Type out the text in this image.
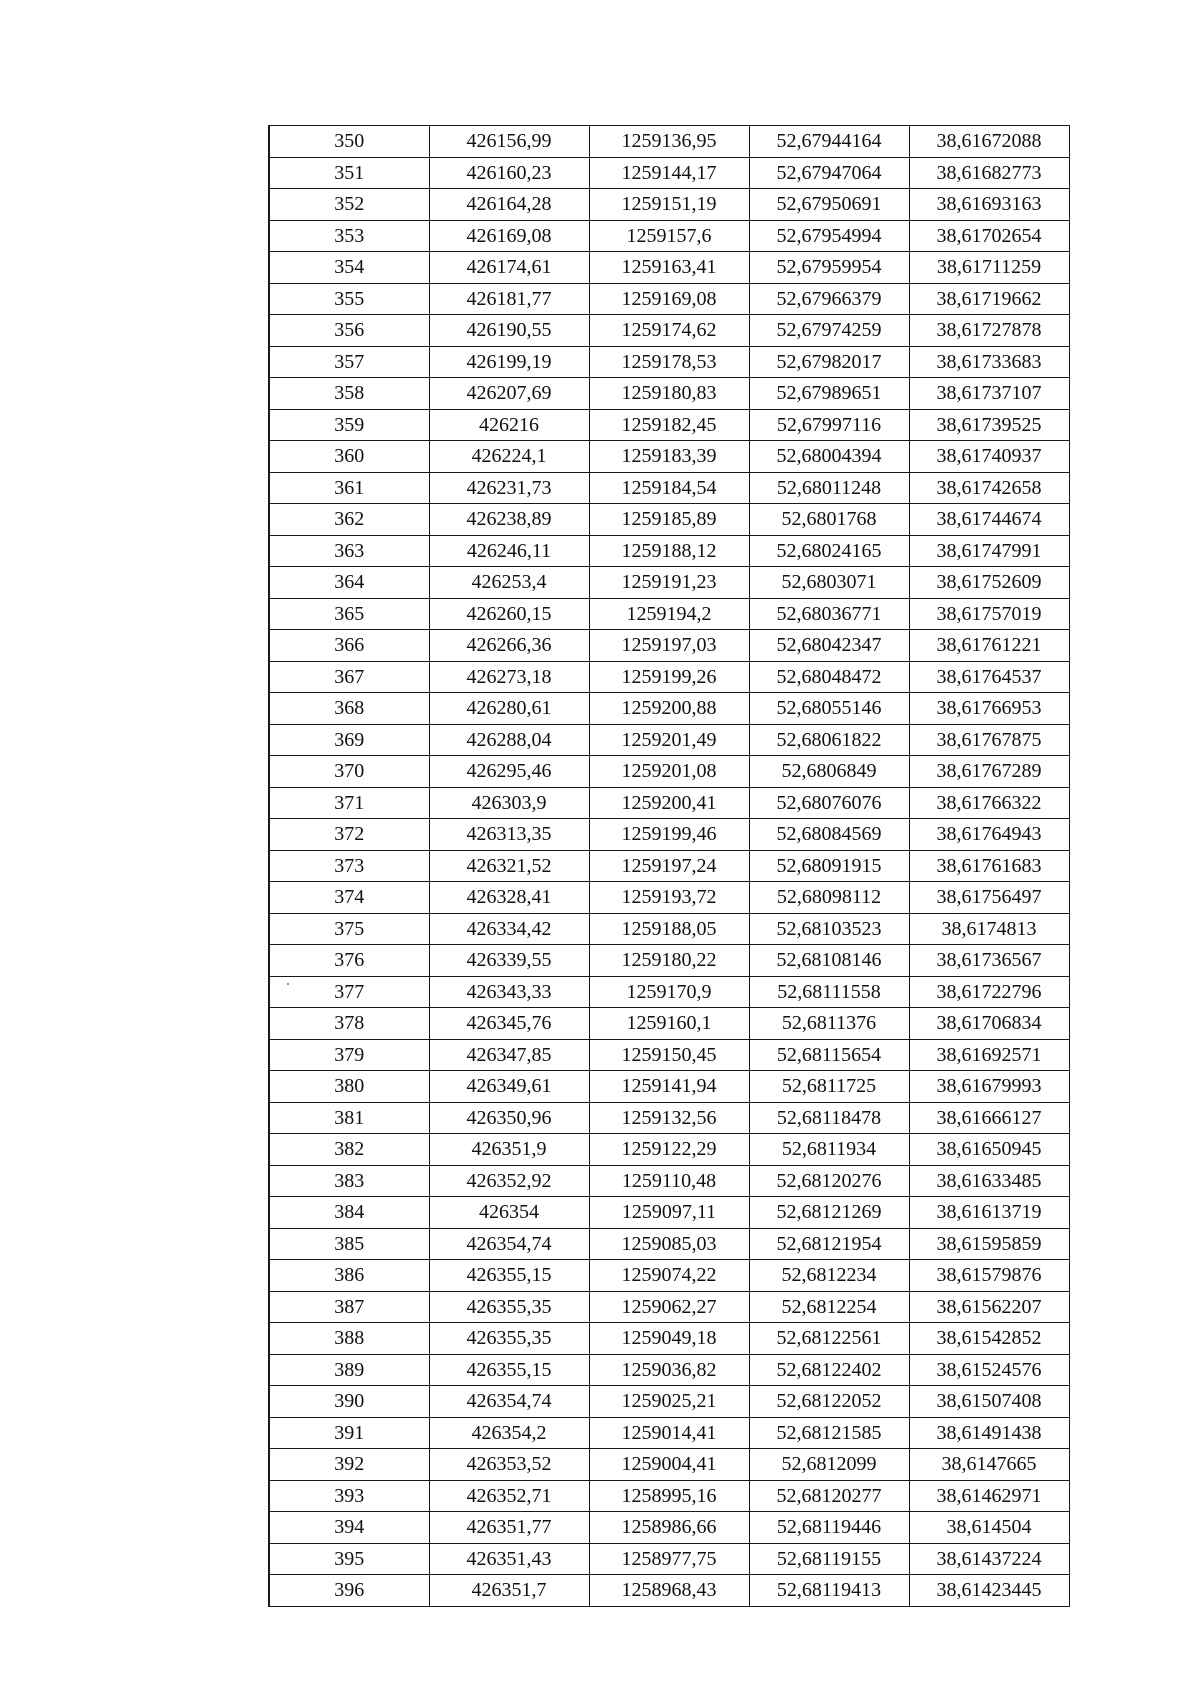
350	426156,99	1259136,95	52,67944164	38,61672088
351	426160,23	1259144,17	52,67947064	38,61682773
352	426164,28	1259151,19	52,67950691	38,61693163
353	426169,08	1259157,6	52,67954994	38,61702654
354	426174,61	1259163,41	52,67959954	38,61711259
355	426181,77	1259169,08	52,67966379	38,61719662
356	426190,55	1259174,62	52,67974259	38,61727878
357	426199,19	1259178,53	52,67982017	38,61733683
358	426207,69	1259180,83	52,67989651	38,61737107
359	426216	1259182,45	52,67997116	38,61739525
360	426224,1	1259183,39	52,68004394	38,61740937
361	426231,73	1259184,54	52,68011248	38,61742658
362	426238,89	1259185,89	52,6801768	38,61744674
363	426246,11	1259188,12	52,68024165	38,61747991
364	426253,4	1259191,23	52,6803071	38,61752609
365	426260,15	1259194,2	52,68036771	38,61757019
366	426266,36	1259197,03	52,68042347	38,61761221
367	426273,18	1259199,26	52,68048472	38,61764537
368	426280,61	1259200,88	52,68055146	38,61766953
369	426288,04	1259201,49	52,68061822	38,61767875
370	426295,46	1259201,08	52,6806849	38,61767289
371	426303,9	1259200,41	52,68076076	38,61766322
372	426313,35	1259199,46	52,68084569	38,61764943
373	426321,52	1259197,24	52,68091915	38,61761683
374	426328,41	1259193,72	52,68098112	38,61756497
375	426334,42	1259188,05	52,68103523	38,6174813
376	426339,55	1259180,22	52,68108146	38,61736567
377	426343,33	1259170,9	52,68111558	38,61722796
378	426345,76	1259160,1	52,6811376	38,61706834
379	426347,85	1259150,45	52,68115654	38,61692571
380	426349,61	1259141,94	52,6811725	38,61679993
381	426350,96	1259132,56	52,68118478	38,61666127
382	426351,9	1259122,29	52,6811934	38,61650945
383	426352,92	1259110,48	52,68120276	38,61633485
384	426354	1259097,11	52,68121269	38,61613719
385	426354,74	1259085,03	52,68121954	38,61595859
386	426355,15	1259074,22	52,6812234	38,61579876
387	426355,35	1259062,27	52,6812254	38,61562207
388	426355,35	1259049,18	52,68122561	38,61542852
389	426355,15	1259036,82	52,68122402	38,61524576
390	426354,74	1259025,21	52,68122052	38,61507408
391	426354,2	1259014,41	52,68121585	38,61491438
392	426353,52	1259004,41	52,6812099	38,6147665
393	426352,71	1258995,16	52,68120277	38,61462971
394	426351,77	1258986,66	52,68119446	38,614504
395	426351,43	1258977,75	52,68119155	38,61437224
396	426351,7	1258968,43	52,68119413	38,61423445
